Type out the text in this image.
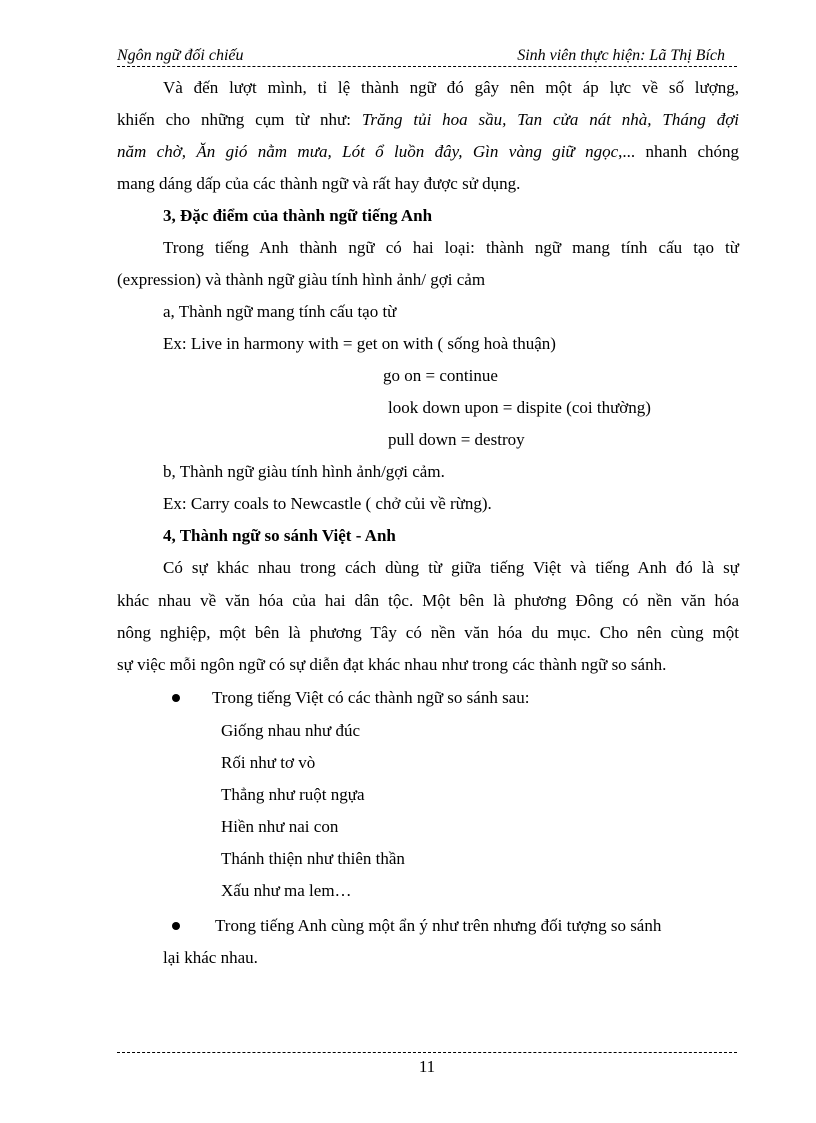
Ngôn ngữ đối chiếu	Sinh viên thực hiện: Lã Thị Bích
Và đến lượt mình, tỉ lệ thành ngữ đó gây nên một áp lực về số lượng,
khiến cho những cụm từ như: Trăng tủi hoa sầu, Tan cửa nát nhà, Tháng đợi
năm chờ, Ăn gió nằm mưa, Lót ổ luồn đây, Gìn vàng giữ ngọc,... nhanh chóng
mang dáng dấp của các thành ngữ và rất hay được sử dụng.
3, Đặc điểm của thành ngữ tiếng Anh
Trong tiếng Anh thành ngữ có hai loại: thành ngữ mang tính cấu tạo từ
(expression) và thành ngữ giàu tính hình ảnh/ gợi cảm
a, Thành ngữ mang tính cấu tạo từ
Ex: Live in harmony with = get on with ( sống hoà thuận)
go on = continue
look down upon = dispite (coi thường)
pull down = destroy
b, Thành ngữ giàu tính hình ảnh/gợi cảm.
Ex: Carry coals to Newcastle ( chở củi về rừng).
4, Thành ngữ so sánh Việt - Anh
Có sự khác nhau trong cách dùng từ giữa tiếng Việt và tiếng Anh đó là sự
khác nhau về văn hóa của hai dân tộc. Một bên là phương Đông có nền văn hóa
nông nghiệp, một bên là phương Tây có nền văn hóa du mục. Cho nên cùng một
sự việc mỗi ngôn ngữ có sự diễn đạt khác nhau như trong các thành ngữ so sánh.
Trong tiếng Việt có các thành ngữ so sánh sau:
Giống nhau như đúc
Rối như tơ vò
Thẳng như ruột ngựa
Hiền như nai con
Thánh thiện như thiên thần
Xấu như ma lem…
Trong tiếng Anh cùng một ẩn ý như trên nhưng đối tượng so sánh
lại khác nhau.
11
